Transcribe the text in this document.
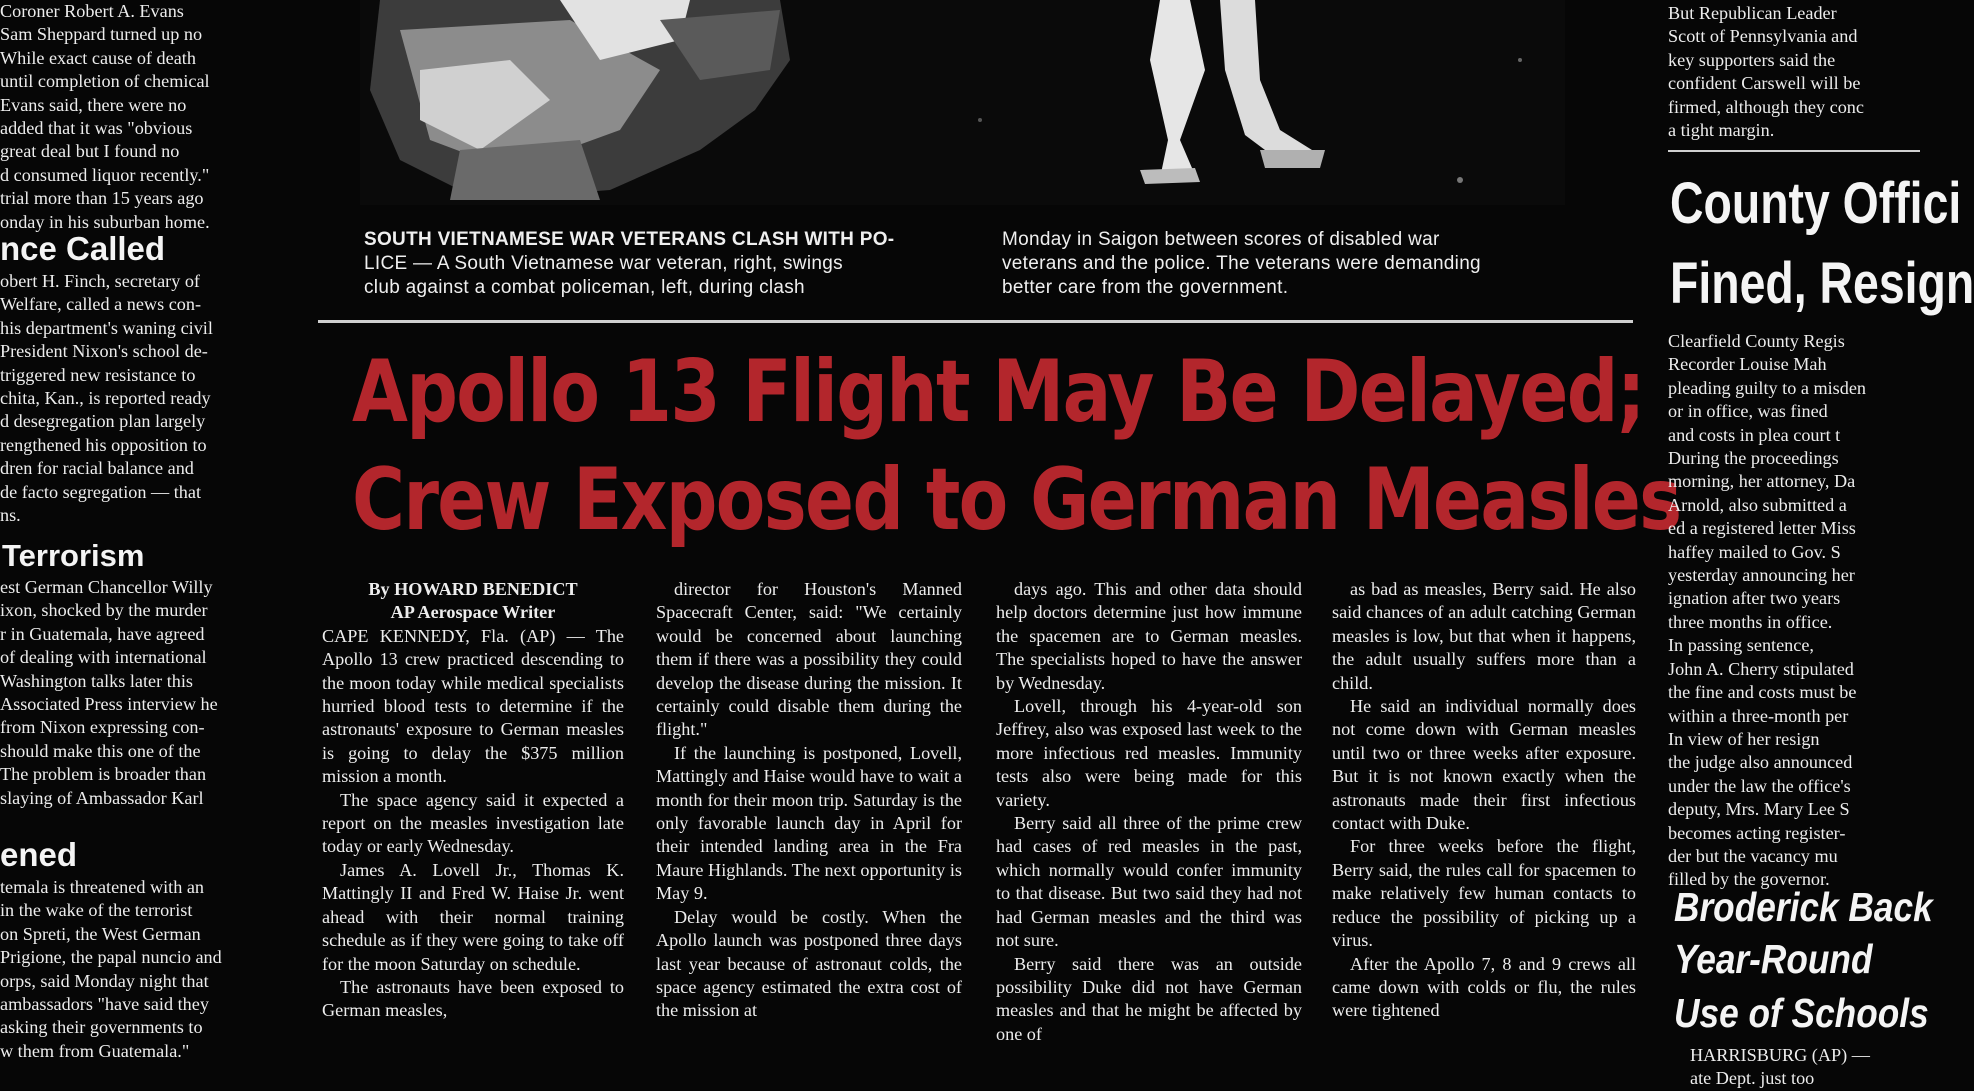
Coroner Robert A. Evans
Sam Sheppard turned up no
While exact cause of death
until completion of chemical
Evans said, there were no
added that it was "obvious
great deal but I found no
d consumed liquor recently."
trial more than 15 years ago
onday in his suburban home.
nce Called
obert H. Finch, secretary of
Welfare, called a news con-
his department's waning civil
President Nixon's school de-
triggered new resistance to
chita, Kan., is reported ready
d desegregation plan largely
rengthened his opposition to
dren for racial balance and
de facto segregation — that
ns.
Terrorism
est German Chancellor Willy
ixon, shocked by the murder
r in Guatemala, have agreed
of dealing with international
Washington talks later this
Associated Press interview he
from Nixon expressing con-
should make this one of the
The problem is broader than
slaying of Ambassador Karl
ened
temala is threatened with an
in the wake of the terrorist
on Spreti, the West German
Prigione, the papal nuncio and
orps, said Monday night that
ambassadors "have said they
asking their governments to
w them from Guatemala."
SOUTH VIETNAMESE WAR VETERANS CLASH WITH PO-
LICE — A South Vietnamese war veteran, right, swings
club against a combat policeman, left, during clash
Monday in Saigon between scores of disabled war
veterans and the police. The veterans were demanding
better care from the government.
Apollo 13 Flight May Be Delayed;
Crew Exposed to German Measles

By HOWARD BENEDICT

AP Aerospace Writer

CAPE KENNEDY, Fla. (AP) — The Apollo 13 crew practiced descending to the moon today while medical specialists hurried blood tests to determine if the astronauts' exposure to German measles is going to delay the $375 million mission a month.

The space agency said it expected a report on the measles investigation late today or early Wednesday.

James A. Lovell Jr., Thomas K. Mattingly II and Fred W. Haise Jr. went ahead with their normal training schedule as if they were going to take off for the moon Saturday on schedule.

The astronauts have been exposed to German measles,

director for Houston's Manned Spacecraft Center, said: "We certainly would be concerned about launching them if there was a possibility they could develop the disease during the mission. It certainly could disable them during the flight."

If the launching is postponed, Lovell, Mattingly and Haise would have to wait a month for their moon trip. Saturday is the only favorable launch day in April for their intended landing area in the Fra Maure Highlands. The next opportunity is May 9.

Delay would be costly. When the Apollo launch was postponed three days last year because of astronaut colds, the space agency estimated the extra cost of the mission at

days ago. This and other data should help doctors determine just how immune the spacemen are to German measles. The specialists hoped to have the answer by Wednesday.

Lovell, through his 4-year-old son Jeffrey, also was exposed last week to the more infectious red measles. Immunity tests also were being made for this variety.

Berry said all three of the prime crew had cases of red measles in the past, which normally would confer immunity to that disease. But two said they had not had German measles and the third was not sure.

Berry said there was an outside possibility Duke did not have German measles and that he might be affected by one of

as bad as measles, Berry said. He also said chances of an adult catching German measles is low, but that when it happens, the adult usually suffers more than a child.

He said an individual normally does not come down with German measles until two or three weeks after exposure. But it is not known exactly when the astronauts made their first infectious contact with Duke.

For three weeks before the flight, Berry said, the rules call for spacemen to make relatively few human contacts to reduce the possibility of picking up a virus.

After the Apollo 7, 8 and 9 crews all came down with colds or flu, the rules were tightened

But Republican Leader
Scott of Pennsylvania and
key supporters said the
confident Carswell will be
firmed, although they conc
a tight margin.
County Offici
Fined, Resign
Clearfield County Regis
Recorder Louise Mah
pleading guilty to a misden
or in office, was fined
and costs in plea court t
During the proceedings
morning, her attorney, Da
Arnold, also submitted a
ed a registered letter Miss
haffey mailed to Gov. S
yesterday announcing her
ignation after two years
three months in office.
In passing sentence,
John A. Cherry stipulated
the fine and costs must be
within a three-month per
In view of her resign
the judge also announced
under the law the office's
deputy, Mrs. Mary Lee S
becomes acting register-
der but the vacancy mu
filled by the governor.
Broderick Back
Year-Round
Use of Schools
HARRISBURG (AP) —
ate Dept. just too
